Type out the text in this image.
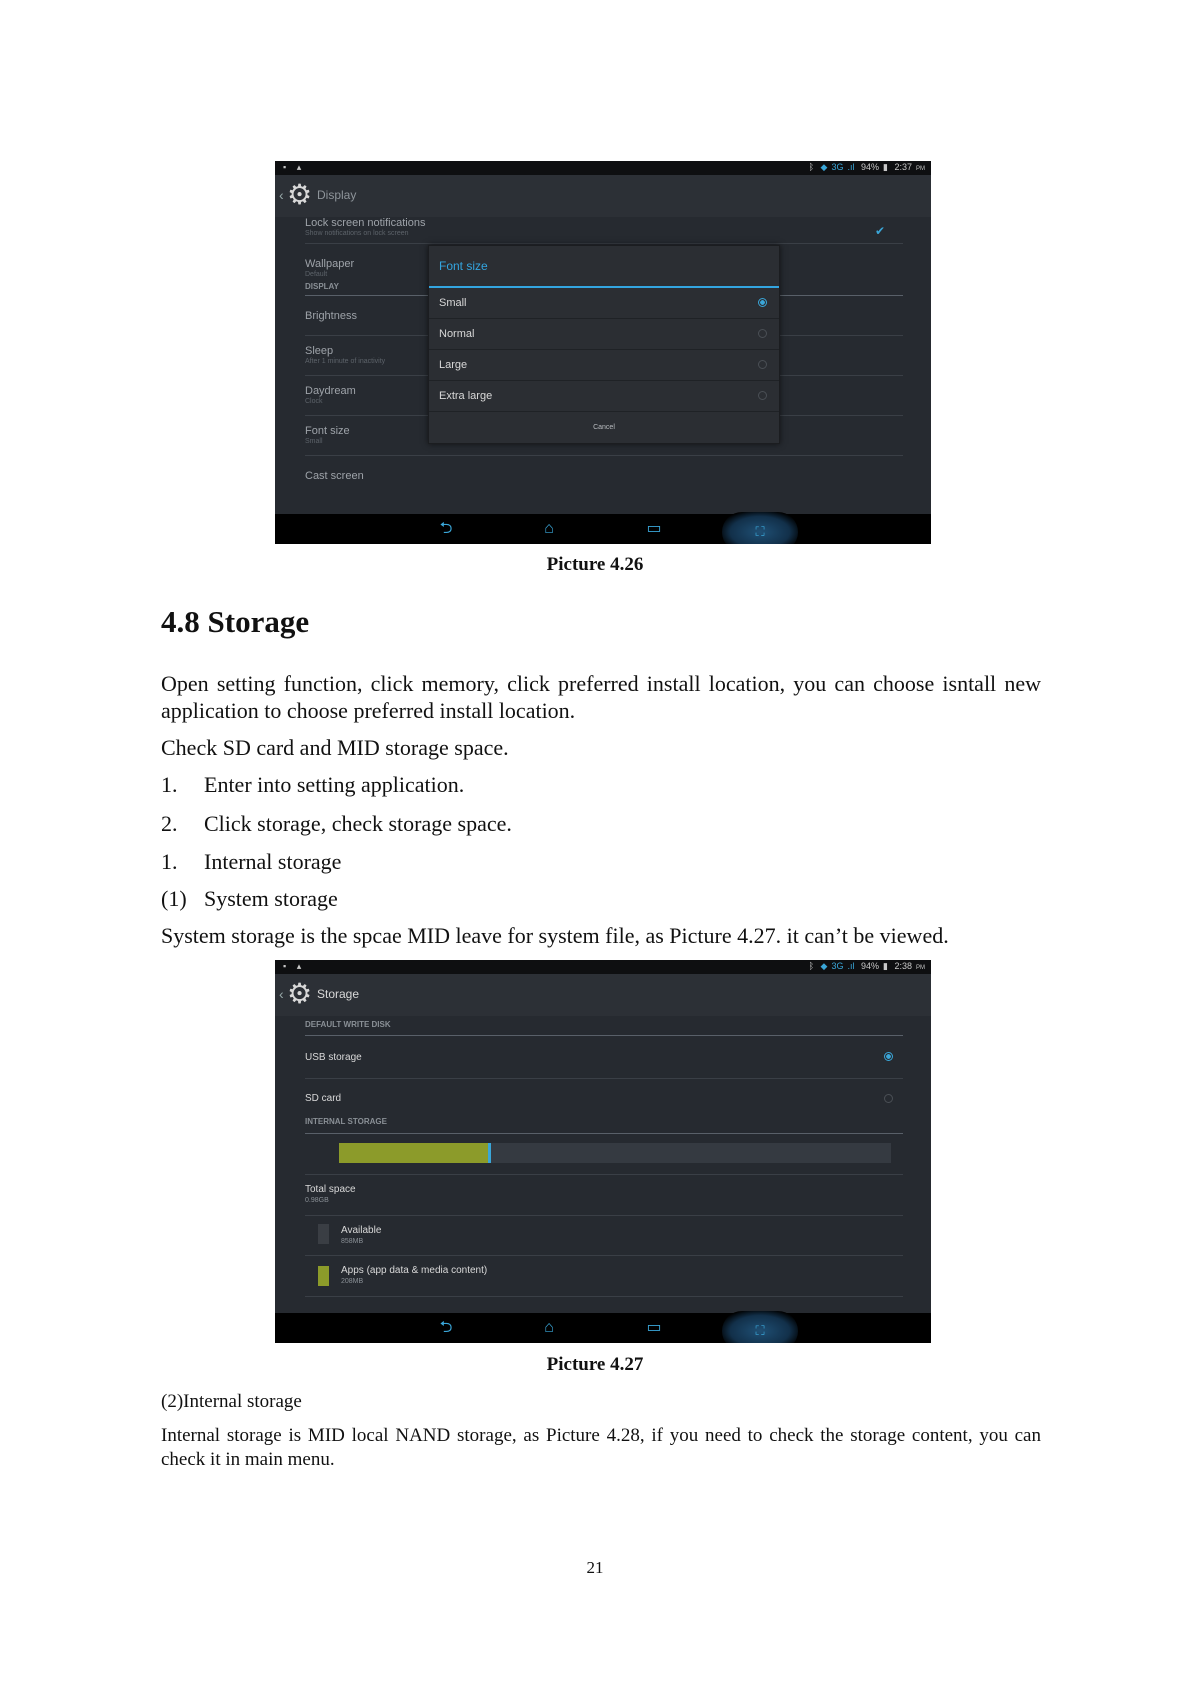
▪ ▴	ᛒ ◆ 3G .ıl 94% ▮ 2:37 PM
‹ ⚙ Display
Lock screen notifications
Show notifications on lock screen	✔
Wallpaper
Default
DISPLAY
Brightness
Sleep
After 1 minute of inactivity
Daydream
Clock
Font size
Small
Cast screen
Font size
Small
Normal
Large
Extra large
Cancel
⮌	⌂	▭	⛶
Picture 4.26
4.8 Storage
Open setting function, click memory, click preferred install location, you can choose isntall new application to choose preferred install location.
Check SD card and MID storage space.
1. Enter into setting application.
2. Click storage, check storage space.
1. Internal storage
(1) System storage
System storage is the spcae MID leave for system file, as Picture 4.27. it can’t be viewed.
▪ ▴	ᛒ ◆ 3G .ıl 94% ▮ 2:38 PM
‹ ⚙ Storage
DEFAULT WRITE DISK
USB storage
SD card
INTERNAL STORAGE
Total space
0.98GB
Available
858MB
Apps (app data & media content)
208MB
⮌	⌂	▭	⛶
Picture 4.27
(2)Internal storage
Internal storage is MID local NAND storage, as Picture 4.28, if you need to check the storage content, you can check it in main menu.
21
